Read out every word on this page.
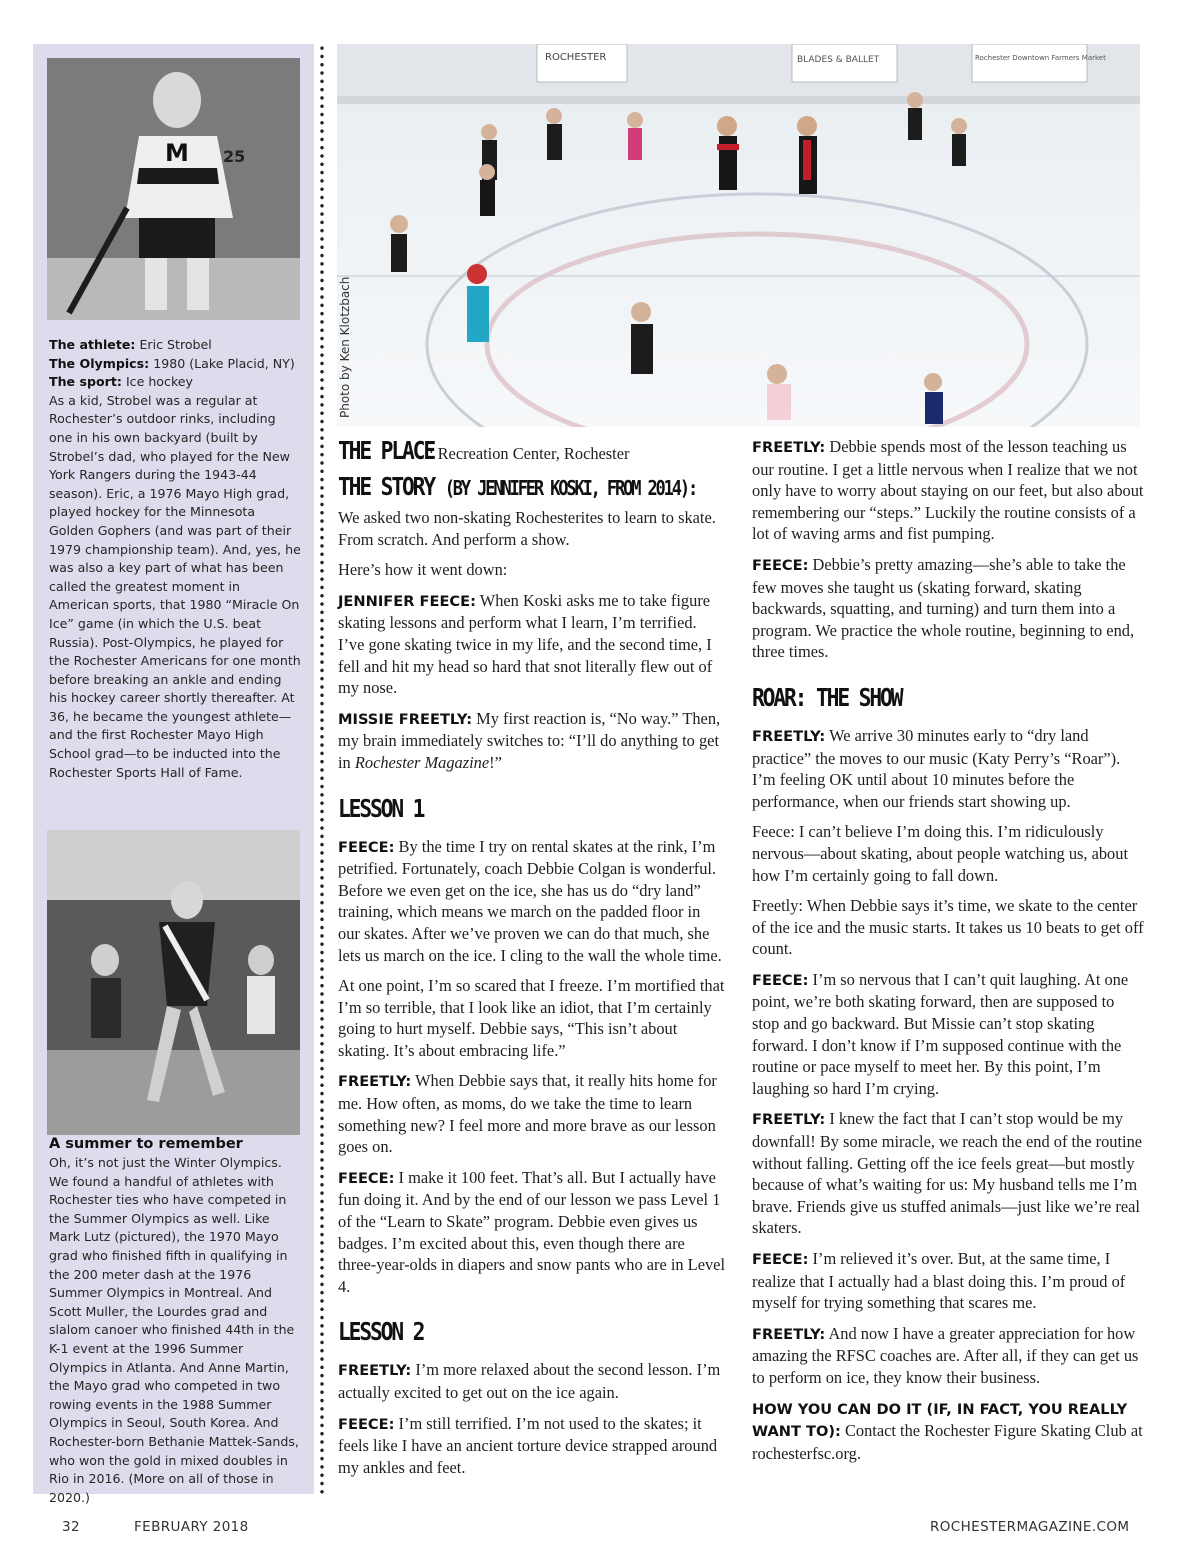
M 25
The athlete: Eric Strobel
The Olympics: 1980 (Lake Placid, NY)
The sport: Ice hockey
As a kid, Strobel was a regular at Rochester’s outdoor rinks, including one in his own backyard (built by Strobel’s dad, who played for the New York Rangers during the 1943-44 season). Eric, a 1976 Mayo High grad, played hockey for the Minnesota Golden Gophers (and was part of their 1979 championship team). And, yes, he was also a key part of what has been called the greatest moment in American sports, that 1980 “Miracle On Ice” game (in which the U.S. beat Russia). Post-Olympics, he played for the Rochester Americans for one month before breaking an ankle and ending his hockey career shortly thereafter. At 36, he became the youngest athlete—and the first Rochester Mayo High School grad—to be inducted into the Rochester Sports Hall of Fame.
A summer to remember
Oh, it’s not just the Winter Olympics. We found a handful of athletes with Rochester ties who have competed in the Summer Olympics as well. Like Mark Lutz (pictured), the 1970 Mayo grad who finished fifth in qualifying in the 200 meter dash at the 1976 Summer Olympics in Montreal. And Scott Muller, the Lourdes grad and slalom canoer who finished 44th in the K-1 event at the 1996 Summer Olympics in Atlanta. And Anne Martin, the Mayo grad who competed in two rowing events in the 1988 Summer Olympics in Seoul, South Korea. And Rochester-born Bethanie Mattek-Sands, who won the gold in mixed doubles in Rio in 2016. (More on all of those in 2020.)
ROCHESTER	BLADES & BALLET	Rochester Downtown Farmers Market
Photo by Ken Klotzbach
THE PLACE
: Recreation Center, Rochester
THE STORY (BY JENNIFER KOSKI, FROM 2014):

We asked two non-skating Rochesterites to learn to skate. From scratch. And perform a show.

Here’s how it went down:

JENNIFER FEECE: When Koski asks me to take figure skating lessons and perform what I learn, I’m terrified. I’ve gone skating twice in my life, and the second time, I fell and hit my head so hard that snot literally flew out of my nose.

MISSIE FREETLY: My first reaction is, “No way.” Then, my brain immediately switches to: “I’ll do anything to get in Rochester Magazine!”

LESSON 1

FEECE: By the time I try on rental skates at the rink, I’m petrified. Fortunately, coach Debbie Colgan is wonderful. Before we even get on the ice, she has us do “dry land” training, which means we march on the padded floor in our skates. After we’ve proven we can do that much, she lets us march on the ice. I cling to the wall the whole time.

At one point, I’m so scared that I freeze. I’m mortified that I’m so terrible, that I look like an idiot, that I’m certainly going to hurt myself. Debbie says, “This isn’t about skating. It’s about embracing life.”

FREETLY: When Debbie says that, it really hits home for me. How often, as moms, do we take the time to learn something new? I feel more and more brave as our lesson goes on.

FEECE: I make it 100 feet. That’s all. But I actually have fun doing it. And by the end of our lesson we pass Level 1 of the “Learn to Skate” program. Debbie even gives us badges. I’m excited about this, even though there are three-year-olds in diapers and snow pants who are in Level 4.

LESSON 2

FREETLY: I’m more relaxed about the second lesson. I’m actually excited to get out on the ice again.

FEECE: I’m still terrified. I’m not used to the skates; it feels like I have an ancient torture device strapped around my ankles and feet.

FREETLY: Debbie spends most of the lesson teaching us our routine. I get a little nervous when I realize that we not only have to worry about staying on our feet, but also about remembering our “steps.” Luckily the routine consists of a lot of waving arms and fist pumping.

FEECE: Debbie’s pretty amazing—she’s able to take the few moves she taught us (skating forward, skating backwards, squatting, and turning) and turn them into a program. We practice the whole routine, beginning to end, three times.

ROAR: THE SHOW

FREETLY: We arrive 30 minutes early to “dry land practice” the moves to our music (Katy Perry’s “Roar”). I’m feeling OK until about 10 minutes before the performance, when our friends start showing up.

Feece: I can’t believe I’m doing this. I’m ridiculously nervous—about skating, about people watching us, about how I’m certainly going to fall down.

Freetly: When Debbie says it’s time, we skate to the center of the ice and the music starts. It takes us 10 beats to get off count.

FEECE: I’m so nervous that I can’t quit laughing. At one point, we’re both skating forward, then are supposed to stop and go backward. But Missie can’t stop skating forward. I don’t know if I’m supposed continue with the routine or pace myself to meet her. By this point, I’m laughing so hard I’m crying.

FREETLY: I knew the fact that I can’t stop would be my downfall! By some miracle, we reach the end of the routine without falling. Getting off the ice feels great—but mostly because of what’s waiting for us: My husband tells me I’m brave. Friends give us stuffed animals—just like we’re real skaters.

FEECE: I’m relieved it’s over. But, at the same time, I realize that I actually had a blast doing this. I’m proud of myself for trying something that scares me.

FREETLY: And now I have a greater appreciation for how amazing the RFSC coaches are. After all, if they can get us to perform on ice, they know their business.

HOW YOU CAN DO IT (IF, IN FACT, YOU REALLY WANT TO): Contact the Rochester Figure Skating Club at rochesterfsc.org.

32	FEBRUARY 2018	ROCHESTERMAGAZINE.COM
